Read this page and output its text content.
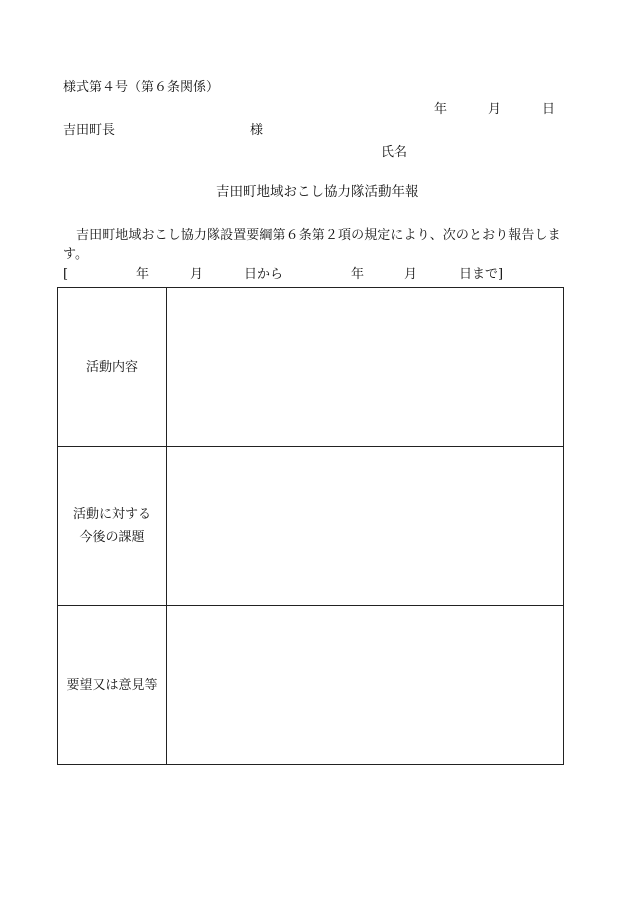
様式第４号（第６条関係）
年	月	日
吉田町長	様
氏名
吉田町地域おこし協力隊活動年報
吉田町地域おこし協力隊設置要綱第６条第２項の規定により、次のとおり報告します。
[	年	月	日から	年	月	日まで]
活動内容	

活動に対する
今後の課題	

要望又は意見等	
